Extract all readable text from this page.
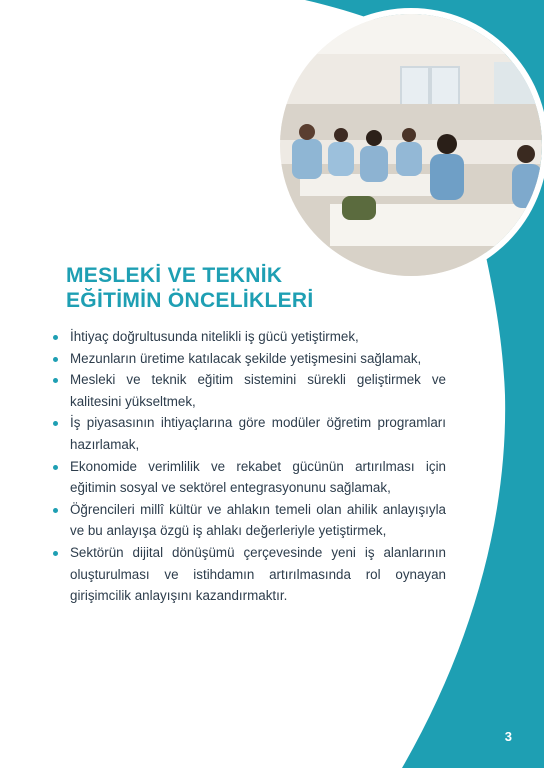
MESLEKİ VE TEKNİK
EĞİTİMİN ÖNCELİKLERİ
İhtiyaç doğrultusunda nitelikli iş gücü yetiştirmek,
Mezunların üretime katılacak şekilde yetişmesini sağlamak,
Mesleki ve teknik eğitim sistemini sürekli geliştirmek ve kalitesini yükseltmek,
İş piyasasının ihtiyaçlarına göre modüler öğretim programları hazırlamak,
Ekonomide verimlilik ve rekabet gücünün artırılması için eğitimin sosyal ve sektörel entegrasyonunu sağlamak,
Öğrencileri millî kültür ve ahlakın temeli olan ahilik anlayışıyla ve bu anlayışa özgü iş ahlakı değerleriyle yetiştirmek,
Sektörün dijital dönüşümü çerçevesinde yeni iş alanlarının oluşturulması ve istihdamın artırılmasında rol oynayan girişimcilik anlayışını kazandırmaktır.
3
